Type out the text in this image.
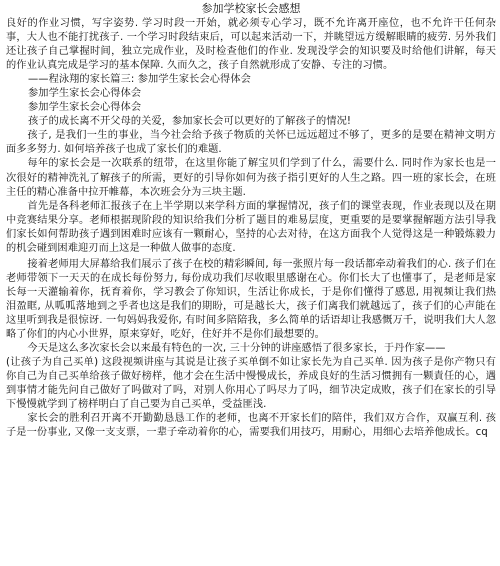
参加学校家长会感想
良好的作业习惯，写字姿势. 学习时段一开始，就必须专心学习，既不允许离开座位，也不允许干任何杂事，大人也不能打扰孩子. 一个学习时段结束后，可以起来活动一下，并眺望远方缓解眼睛的疲劳. 另外我们还让孩子自己掌握时间，独立完成作业，及时检查他们的作业. 发现没学会的知识要及时给他们讲解，每天的作业认真完成是学习的基本保障. 久而久之，孩子自然就形成了安静、专注的习惯。
——程泳翔的家长篇三: 参加学生家长会心得体会
参加学生家长会心得体会
参加学生家长会心得体会
孩子的成长离不开父母的关爱，参加家长会可以更好的了解孩子的情况!
孩子, 是我们一生的事业，当今社会给予孩子物质的关怀已远远超过不够了，更多的是要在精神文明方面多多努力. 如何培养孩子也成了家长们的难题.
每年的家长会是一次联系的纽带，在这里你能了解宝贝们学到了什么，需要什么. 同时作为家长也是一次很好的精神洗礼了解孩子的所需，更好的引导你如何为孩子指引更好的人生之路。四一班的家长会，在班主任的精心准备中拉开帷幕，本次班会分为三块主题.
首先是各科老师汇报孩子在上半学期以来学科方面的掌握情况，孩子们的课堂表现，作业表现以及在期中竞赛结果分享。老师根据现阶段的知识给我们分析了题目的难易层度，更重要的是要掌握解题方法引导我们家长如何帮助孩子遇到困难时应该有一颗耐心，坚持的心去对待，在这方面我个人觉得这是一种锻炼毅力的机会碰到困难迎刃而上这是一种做人做事的态度.
接着老师用大屏幕给我们展示了孩子在校的精彩瞬间, 每一张照片每一段话都牵动着我们的心. 孩子们在老师带领下一天天的在成长每份努力, 每份成功我们尽收眼里感谢在心。你们长大了也懂事了，是老师是家长每一天灌输着你，抚育着你，学习教会了你知识，生活让你成长，于是你们懂得了感恩, 用视频让我们热泪盈眶, 从呱呱落地到之乎者也这是我们的期盼，可是越长大，孩子们离我们就越远了，孩子们的心声能在这里听到我是很惊讶. 一句妈妈我爱你, 有时间多陪陪我，多么简单的话语却让我感慨万千，说明我们大人忽略了你们的内心小世界，原来穿好，吃好，住好并不是你们最想要的。
今天是这么多次家长会以来最有特色的一次, 三十分钟的讲座感悟了很多家长，于丹作家——
(让孩子为自己买单) 这段视频讲座与其说是让孩子买单倒不如让家长先为自己买单. 因为孩子是你产物只有你自己为自己买单给孩子做好榜样，他才会在生活中慢慢成长，养成良好的生活习惯拥有一颗責任的心，遇到事情才能先问自己做好了吗做对了吗，对别人你用心了吗尽力了吗，细节决定成败，孩子们在家长的引导下慢慢就学到了榜样明白了自己要为自己买单，受益匪浅.
家长会的胜利召开离不开勤勤恳恳工作的老师，也离不开家长们的陪伴，我们双方合作，双赢互利. 孩子是一份事业, 又像一支支票，一辈子牵动着你的心，需要我们用技巧，用耐心，用细心去培养他成长。cq
